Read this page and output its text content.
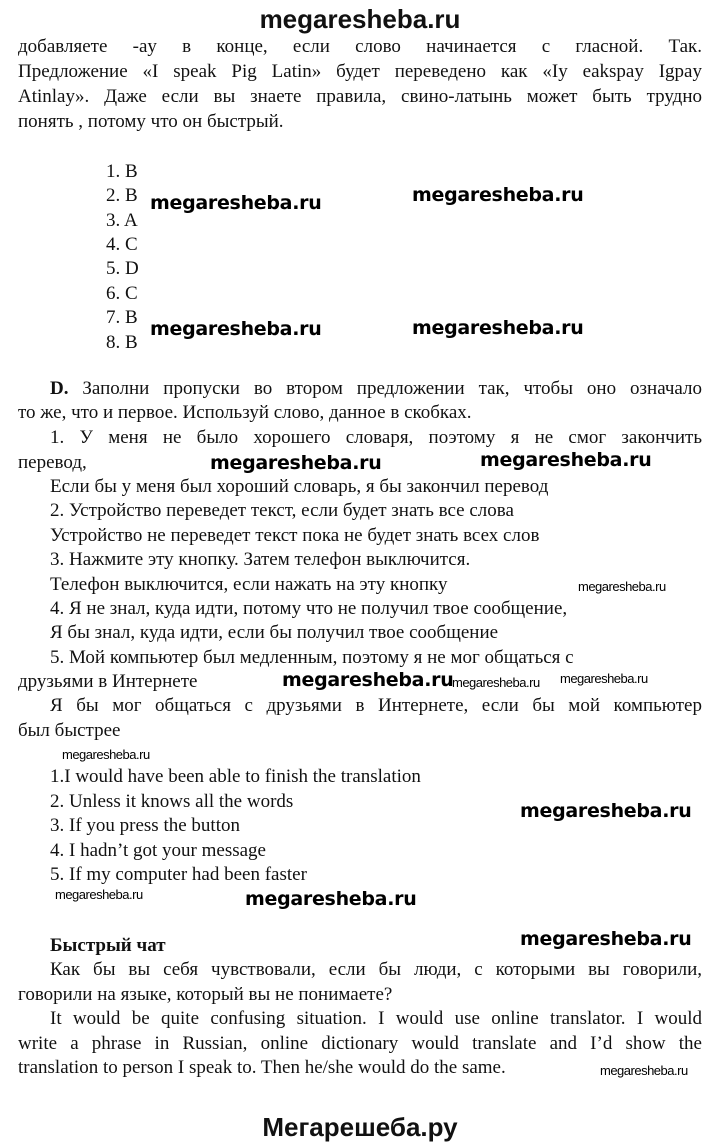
megaresheba.ru
добавляете -ay в конце, если слово начинается с гласной. Так.
Предложение «I speak Pig Latin» будет переведено как «Iy eakspay Igpay
Atinlay». Даже если вы знаете правила, свино-латынь может быть трудно
понять , потому что он быстрый.
1. B
2. B
3. A
4. C
5. D
6. C
7. B
8. B
megaresheba.ru	megaresheba.ru
megaresheba.ru	megaresheba.ru
D. Заполни пропуски во втором предложении так, чтобы оно означало
то же, что и первое. Используй слово, данное в скобках.
1. У меня не было хорошего словаря, поэтому я не смог закончить
перевод,	megaresheba.ru	megaresheba.ru
Если бы у меня был хороший словарь, я бы закончил перевод
2. Устройство переведет текст, если будет знать все слова
Устройство не переведет текст пока не будет знать всех слов
3. Нажмите эту кнопку. Затем телефон выключится.
Телефон выключится, если нажать на эту кнопку	megaresheba.ru
4. Я не знал, куда идти, потому что не получил твое сообщение,
Я бы знал, куда идти, если бы получил твое сообщение
5. Мой компьютер был медленным, поэтому я не мог общаться с
megaresheba.ru
друзьями в Интернете	megaresheba.ru	megaresheba.ru
Я бы мог общаться с друзьями в Интернете, если бы мой компьютер
был быстрее
megaresheba.ru
1.I would have been able to finish the translation
2. Unless it knows all the words
3. If you press the button
4. I hadn’t got your message
5. If my computer had been faster
megaresheba.ru
megaresheba.ru	megaresheba.ru
Быстрый чат	megaresheba.ru
Как бы вы себя чувствовали, если бы люди, с которыми вы говорили,
говорили на языке, который вы не понимаете?
It would be quite confusing situation. I would use online translator. I would
write a phrase in Russian, online dictionary would translate and I’d show the
translation to person I speak to. Then he/she would do the same.	megaresheba.ru
Мегарешеба.ру
